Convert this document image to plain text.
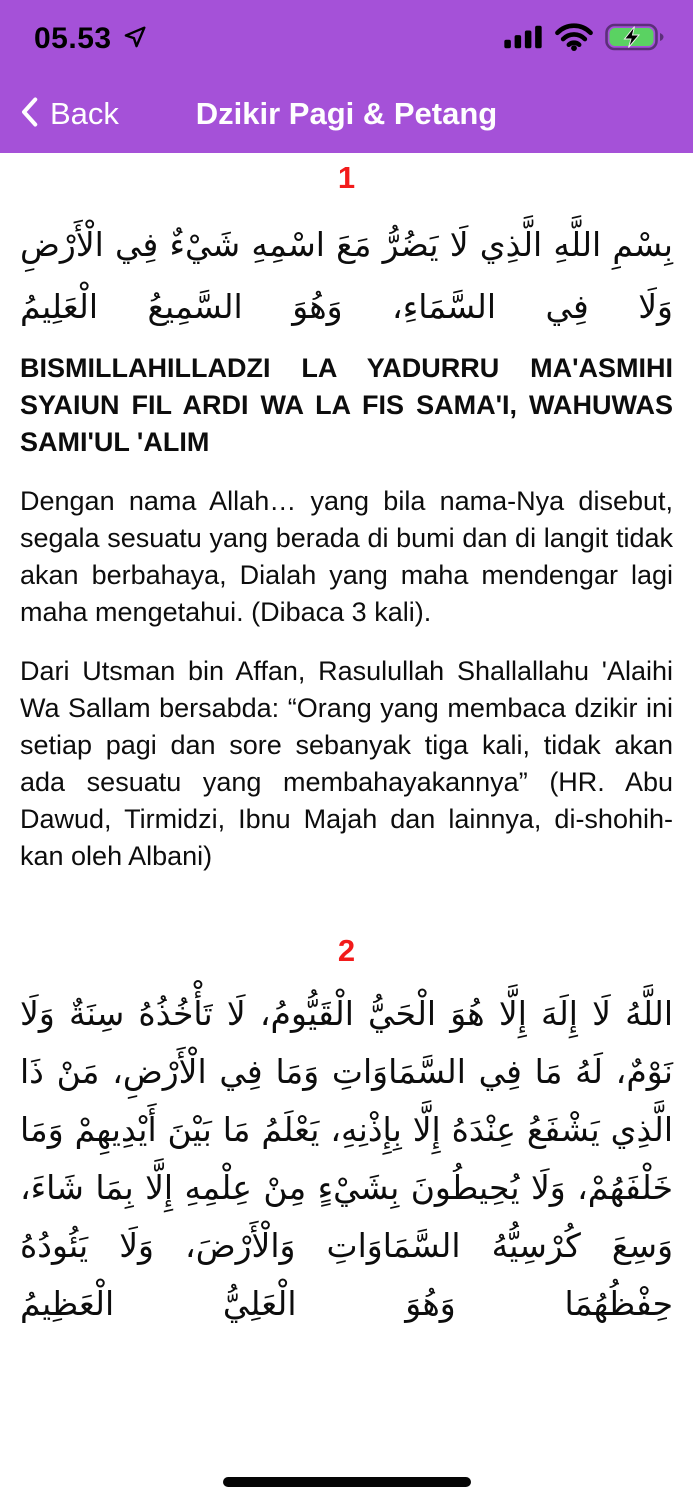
05.53
Back Dzikir Pagi & Petang
1
بِسْمِ اللَّهِ الَّذِي لَا يَضُرُّ مَعَ اسْمِهِ شَيْءٌ فِي الْأَرْضِ وَلَا فِي السَّمَاءِ، وَهُوَ السَّمِيعُ الْعَلِيمُ
BISMILLAHILLADZI LA YADURRU MA'ASMIHI SYAIUN FIL ARDI WA LA FIS SAMA'I, WAHUWAS SAMI'UL 'ALIM

Dengan nama Allah… yang bila nama-Nya disebut, segala sesuatu yang berada di bumi dan di langit tidak akan berbahaya, Dialah yang maha mendengar lagi maha mengetahui. (Dibaca 3 kali).

Dari Utsman bin Affan, Rasulullah Shallallahu 'Alaihi Wa Sallam bersabda: “Orang yang membaca dzikir ini setiap pagi dan sore sebanyak tiga kali, tidak akan ada sesuatu yang membahayakannya” (HR. Abu Dawud, Tirmidzi, Ibnu Majah dan lainnya, di-shohih-kan oleh Albani)

2
اللَّهُ لَا إِلَهَ إِلَّا هُوَ الْحَيُّ الْقَيُّومُ، لَا تَأْخُذُهُ سِنَةٌ وَلَا نَوْمٌ، لَهُ مَا فِي السَّمَاوَاتِ وَمَا فِي الْأَرْضِ، مَنْ ذَا الَّذِي يَشْفَعُ عِنْدَهُ إِلَّا بِإِذْنِهِ، يَعْلَمُ مَا بَيْنَ أَيْدِيهِمْ وَمَا خَلْفَهُمْ، وَلَا يُحِيطُونَ بِشَيْءٍ مِنْ عِلْمِهِ إِلَّا بِمَا شَاءَ، وَسِعَ كُرْسِيُّهُ السَّمَاوَاتِ وَالْأَرْضَ، وَلَا يَئُودُهُ
حِفْظُهُمَا وَهُوَ الْعَلِيُّ الْعَظِيمُ
